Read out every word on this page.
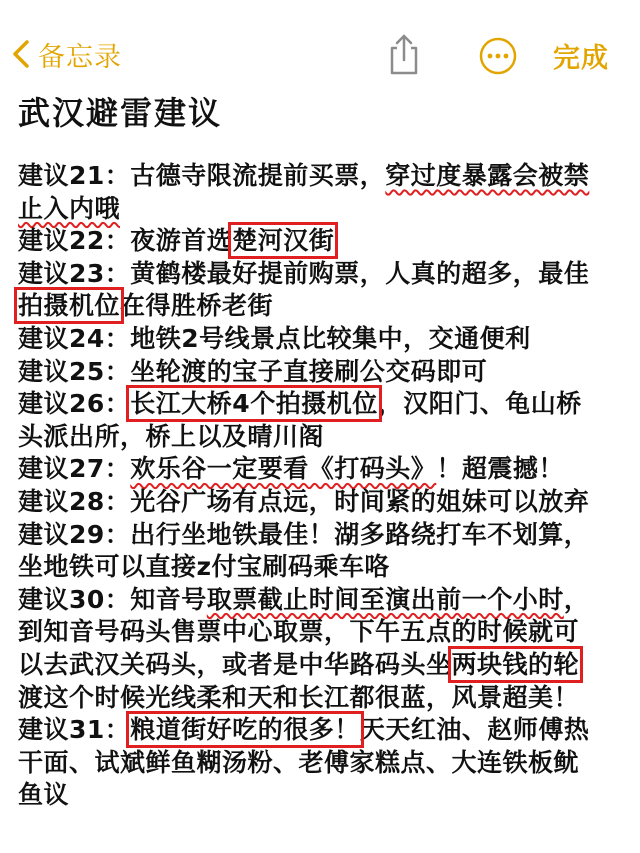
备忘录	完成
武汉避雷建议
建议21：古德寺限流提前买票，穿过度暴露会被禁
止入内哦
建议22：夜游首选楚河汉街
建议23：黄鹤楼最好提前购票，人真的超多，最佳
拍摄机位在得胜桥老街
建议24：地铁2号线景点比较集中，交通便利
建议25：坐轮渡的宝子直接刷公交码即可
建议26：长江大桥4个拍摄机位，汉阳门、龟山桥
头派出所，桥上以及晴川阁
建议27：欢乐谷一定要看《打码头》！超震撼！
建议28：光谷广场有点远，时间紧的姐妹可以放弃
建议29：出行坐地铁最佳！湖多路绕打车不划算，
坐地铁可以直接z付宝刷码乘车咯
建议30：知音号取票截止时间至演出前一个小时，
到知音号码头售票中心取票，下午五点的时候就可
以去武汉关码头，或者是中华路码头坐两块钱的轮
渡这个时候光线柔和天和长江都很蓝，风景超美！
建议31：粮道街好吃的很多！天天红油、赵师傅热
干面、试斌鲜鱼糊汤粉、老傅家糕点、大连铁板鱿
鱼议
